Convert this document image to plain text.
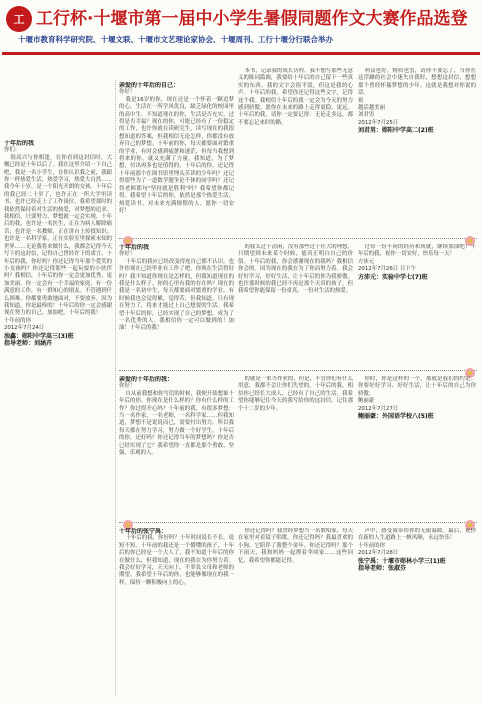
工 工行杯·十堰市第一届中小学生暑假同题作文大赛作品选登
十堰市教育科学研究院、十堰文联、十堰市文艺理论家协会、十堰周刊、工行十堰分行联合举办
十年后的我

你们：

很高兴与你相逢，在你看到这封信时，大概已经是十年以后了。我在这里介绍一下自己吧，我是一名小学生，在你认识我之前，我跟你一样热爱生活，热爱学习，热爱大自然……我今年十岁，是一个阳光开朗的女孩。十年后的我已经二十岁了，也许正在一所大学里读书，也许已经走上了工作岗位。我希望那时的我依然保持着对生活的热爱，对梦想的追求。我相信，只要努力，梦想就一定会实现。十年后的我，也许是一名医生，正在为病人解除痛苦；也许是一名教师，正在讲台上传授知识；也许是一名科学家，正在实验室里探索未知的世界……无论我将来做什么，我都会记得今天写下的这封信，记得自己曾经许下的诺言。十年后的我，你好吗？你还记得当年那个爱笑的小女孩吗？你还记得那些一起玩耍的小伙伴吗？我相信，十年后的你一定会更加优秀，更加美丽。你一定会有一个幸福的家庭，有一份满意的工作，有一群知心的朋友。不管遇到什么困难，你都要勇敢地面对，不要放弃。因为我知道，你是最棒的！十年后的你一定会感谢现在努力的自己。加油吧，十年后的我！

十年前的你

2012年7月24日

浊鑫：郧阳中学高三(3)班

指导老师：刘涵卉

亲爱的十年后的自己：

你好！

我是16岁的你，现在还是一个怀着一颗追梦的心，生活在一所学风优良，缺乏绿化的校园里的高中生。不知道现在的你，生活是否充实，过得是否幸福？现在的你，可能已经有了一份稳定的工作，也许你就在读研究生，读写现在的我很想知道的答案，但我相信无论怎样，你都没有放弃自己的梦想。十年前的你，每天都要面对繁重的学业，有时会感到疲惫和迷茫，但每当我想到将来的你，就又充满了力量。我知道，为了梦想，付出再多也是值得的。十年后的你，还记得十年前那个在图书馆里埋头苦读的少年吗？还记得那些为了一道数学题争论不休的同学吗？还记得老师那句"坚持就是胜利"吗？我希望你都记得。我希望十年后的你，依然是那个热爱生活、热爱读书、对未来充满憧憬的人。愿你一切安好！

本书，记录我的成长历程。我不想写那些无意义的陈词滥调，我要给十年后的自己留下一些真实的东西。我的文字会很平淡，但这是我的心声。十年后的我，希望你还记得这些文字，记得这个我。我相信十年后的我一定会为今天的努力感到骄傲。愿你在未来的路上走得更稳、更远。十年后的我，请你一定要记得：无论走多远，都不要忘记来时的路。

利益也好，物质也罢，请你不要忘了，当你在这浮躁的社会中迷失自我时，想想这封信，想想那个曾经怀揣梦想的少年。这就是我想对你说的话。

祝

越活越美丽

刘君男

2012年7月25日

刘君男：郧阳中学高二(2)班

十年后的我

你好！

十年后的我应已经改变得连自己都不认识，也许你现在已经毕业有工作了吧。你现在生活得好吗？我不知道你现在是怎样的，但我知道现在的我是什么样子。你的心里有我的存在吗？现在的我是一名初中生，每天都要面对繁重的学业。有时候我也会觉得累，觉得苦，但我知道，只有现在努力了，将来才能过上自己想要的生活。我希望十年后的你，已经实现了自己的梦想，成为了一名优秀的人。我相信你一定可以做到的！加油！十年后的我！

的我太过于清闲，没有那些过于壮大的理想，只期望到未来某个时候，能真正明白自己的价值。十年后的我，你会感谢现在的我吗？我相信你会的。因为现在的我在为了你而努力着。我会好好学习，好好生活，让十年后的你为我骄傲。也许那时候的我已经不再是那个天真的孩子，但我希望你能保留一份童真，一份对生活的热爱。

过每一份不同的经历和成就，继续加油吧！十年后的我，祝你一切安好，快乐每一天！

方沛元

2012年7月26日 日下午

方沛元：实验中学七(7)班

亲爱的十年后的我：

你好！

自从前我想和你写信的时候，我便开始想象十年后的你。你现在是什么样的？你有什么样的工作？你过得开心吗？十年前的我，有很多梦想：当一名作家，一名老师，一名科学家……但我知道，梦想不是说说而已，需要付出努力。所以我每天都在努力学习，努力做一个好学生。十年后的你，还好吗？你还记得当年的梦想吗？你是否已经实现了它？我希望你一直都是那个勇敢、坚强、乐观的人。

的就是一来当作业的，但是，不管你们有什么用意，我都不会让你们失望的。十年后的我，相信你已经长大成人，已经有了自己的生活。我希望你能够记住今天的我写给你的这封信，记住那个十二岁的少年。

你时，你是这样的一个，那就是我们的约定。你要好好学习、好好生活，让十年后的自己为你骄傲。

鲍丽豪

2012年7月27日

鲍丽豪：外国语学校八(5)班

十年后的张宁禹：

十年后的我，你好吗？十年时间说长不长，说短不短。十年前的我还是一个懵懂的孩子，十年后的你已经是一个大人了。我不知道十年后的你在做什么，但我知道，现在的我在为你努力着。我会好好学习，天天向上，不辜负父母和老师的期望。我希望十年后的你，也能够像现在的我一样，保持一颗积极向上的心。

你还记得吗？我曾经梦想当一名歌唱家，每天在家里对着镜子唱歌。你还记得吗？我最喜欢的小狗，它陪伴了我整个童年。你还记得吗？那个下雨天，我和妈妈一起撑着伞回家……这些回忆，我希望你都能记得。

声中，感受我带给你的无限温暖。最后，祝你在新的人生道路上一帆风顺，永远快乐！

十年前的你

2012年7月28日

张宁禹：十堰市郧林小学三(1)班

指导老师：张淑芬
